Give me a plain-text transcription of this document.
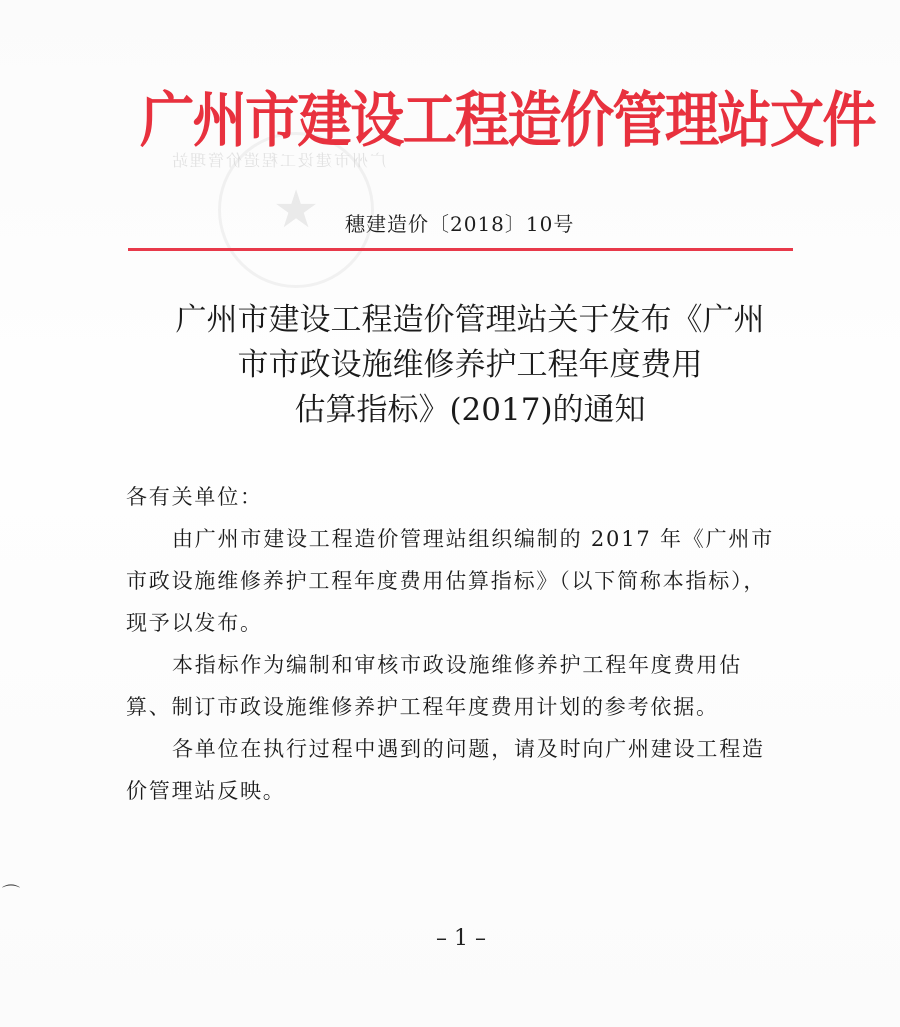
广州市建设工程造价管理站
★
广州市建设工程造价管理站文件
穗建造价〔2018〕10号
广州市建设工程造价管理站关于发布《广州
市市政设施维修养护工程年度费用
估算指标》(2017)的通知
各有关单位：
由广州市建设工程造价管理站组织编制的 2017 年《广州市
市政设施维修养护工程年度费用估算指标》（以下简称本指标），
现予以发布。
本指标作为编制和审核市政设施维修养护工程年度费用估
算、制订市政设施维修养护工程年度费用计划的参考依据。
各单位在执行过程中遇到的问题，请及时向广州建设工程造
价管理站反映。
⌒
– 1 –
